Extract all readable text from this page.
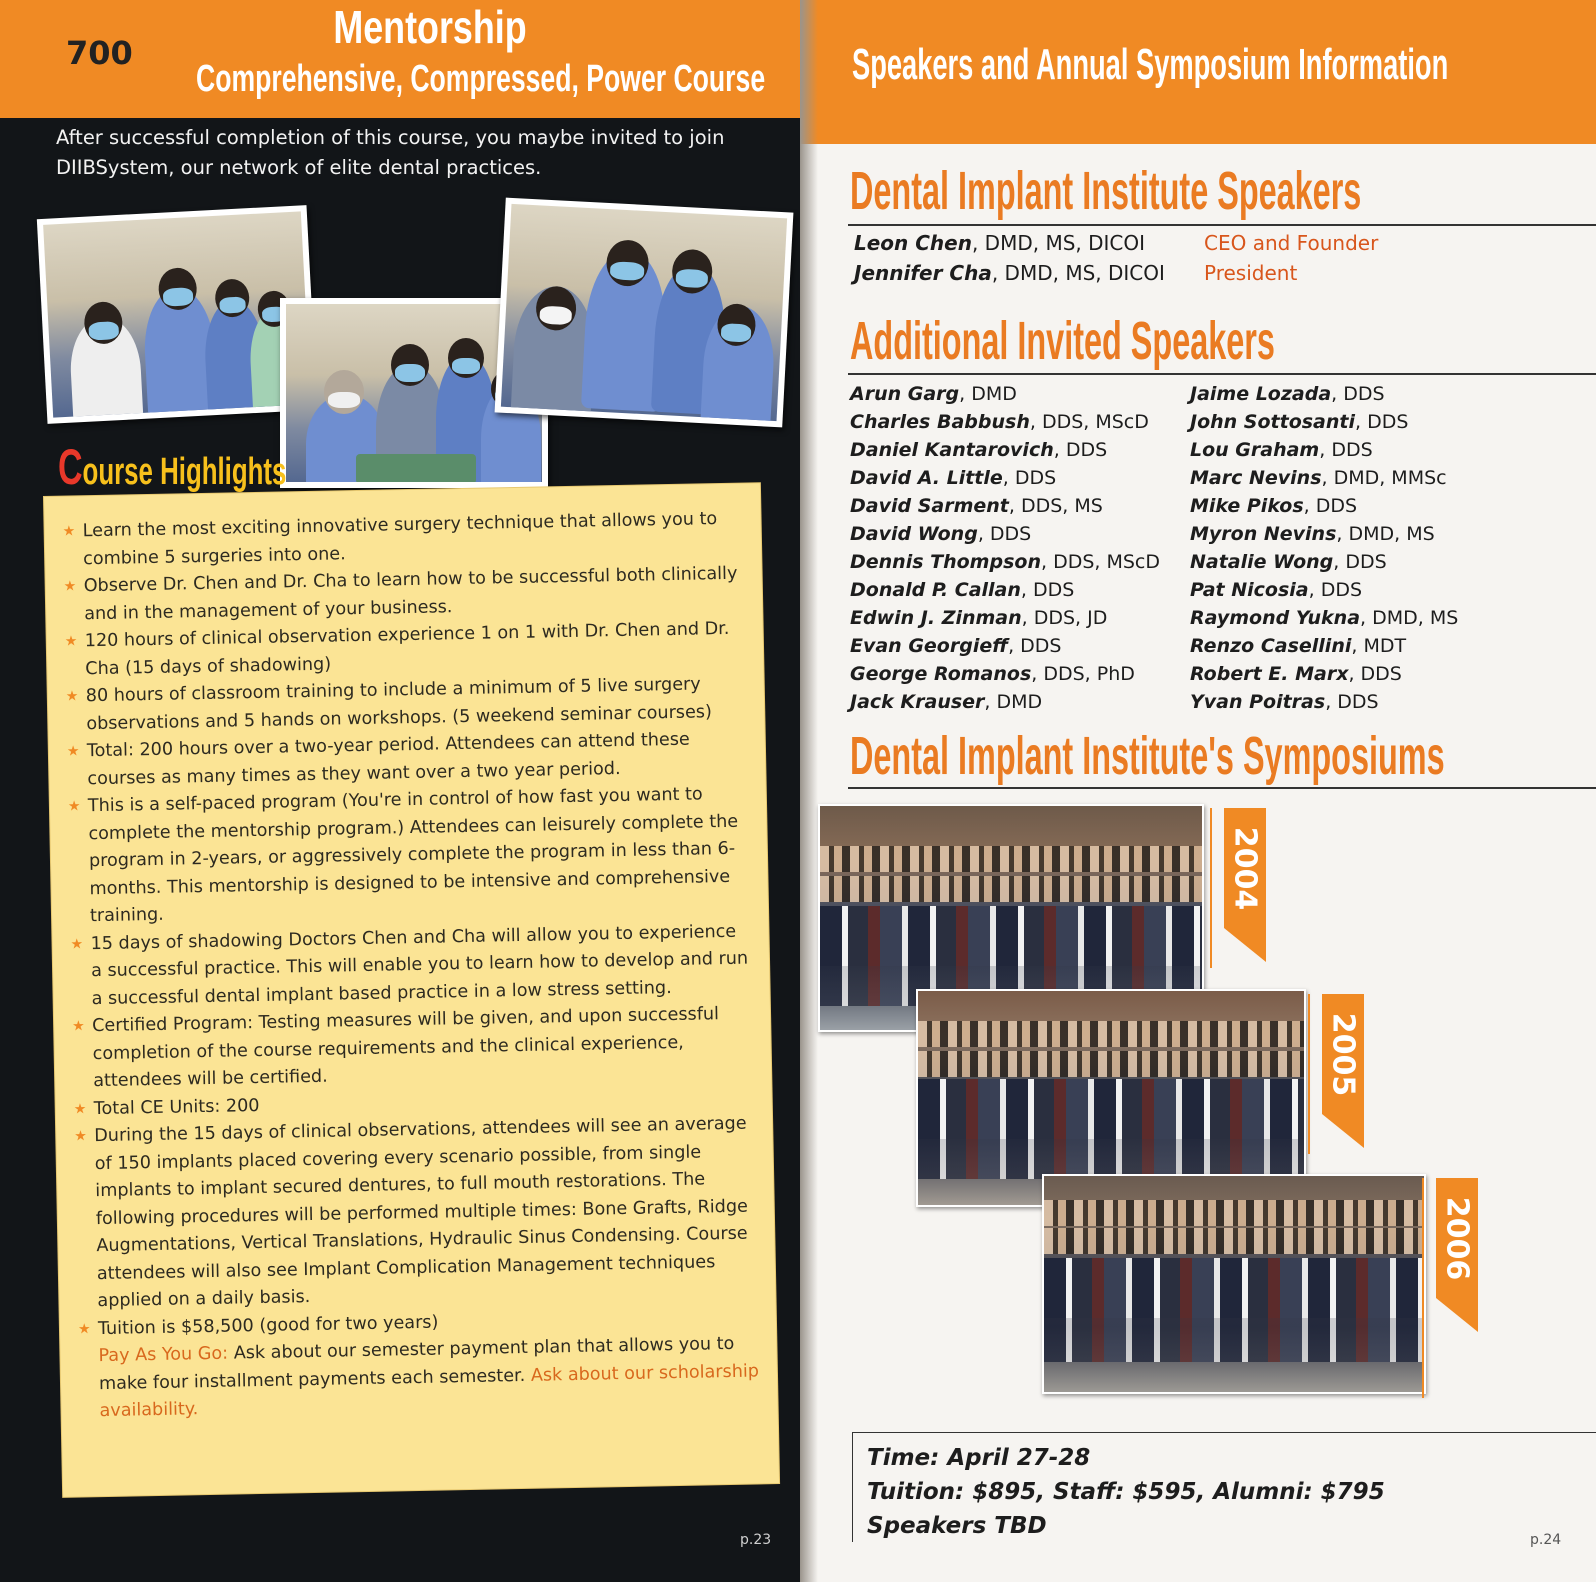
700	Mentorship
Comprehensive, Compressed, Power Course

After successful completion of this course, you maybe invited to join DIIBSystem, our network of elite dental practices.

Course Highlights
★ Learn the most exciting innovative surgery technique that allows you to combine 5 surgeries into one.
★ Observe Dr. Chen and Dr. Cha to learn how to be successful both clinically and in the management of your business.
★ 120 hours of clinical observation experience 1 on 1 with Dr. Chen and Dr. Cha (15 days of shadowing)
★ 80 hours of classroom training to include a minimum of 5 live surgery observations and 5 hands on workshops. (5 weekend seminar courses)
★ Total: 200 hours over a two-year period. Attendees can attend these courses as many times as they want over a two year period.
★ This is a self-paced program (You're in control of how fast you want to complete the mentorship program.) Attendees can leisurely complete the program in 2-years, or aggressively complete the program in less than 6-months. This mentorship is designed to be intensive and comprehensive training.
★ 15 days of shadowing Doctors Chen and Cha will allow you to experience a successful practice. This will enable you to learn how to develop and run a successful dental implant based practice in a low stress setting.
★ Certified Program: Testing measures will be given, and upon successful completion of the course requirements and the clinical experience, attendees will be certified.
★ Total CE Units: 200
★ During the 15 days of clinical observations, attendees will see an average of 150 implants placed covering every scenario possible, from single implants to implant secured dentures, to full mouth restorations. The following procedures will be performed multiple times: Bone Grafts, Ridge Augmentations, Vertical Translations, Hydraulic Sinus Condensing. Course attendees will also see Implant Complication Management techniques applied on a daily basis.
★ Tuition is $58,500 (good for two years)
Pay As You Go: Ask about our semester payment plan that allows you to make four installment payments each semester. Ask about our scholarship availability.
p.23
Speakers and Annual Symposium Information
Dental Implant Institute Speakers
Leon Chen, DMD, MS, DICOI	CEO and Founder
Jennifer Cha, DMD, MS, DICOI President
Additional Invited Speakers
Arun Garg, DMD
Charles Babbush, DDS, MScD
Daniel Kantarovich, DDS
David A. Little, DDS
David Sarment, DDS, MS
David Wong, DDS
Dennis Thompson, DDS, MScD
Donald P. Callan, DDS
Edwin J. Zinman, DDS, JD
Evan Georgieff, DDS
George Romanos, DDS, PhD
Jack Krauser, DMD
Jaime Lozada, DDS
John Sottosanti, DDS
Lou Graham, DDS
Marc Nevins, DMD, MMSc
Mike Pikos, DDS
Myron Nevins, DMD, MS
Natalie Wong, DDS
Pat Nicosia, DDS
Raymond Yukna, DMD, MS
Renzo Casellini, MDT
Robert E. Marx, DDS
Yvan Poitras, DDS
Dental Implant Institute's Symposiums
2004
2005
2006
Time: April 27-28
Tuition: $895, Staff: $595, Alumni: $795
Speakers TBD
p.24
